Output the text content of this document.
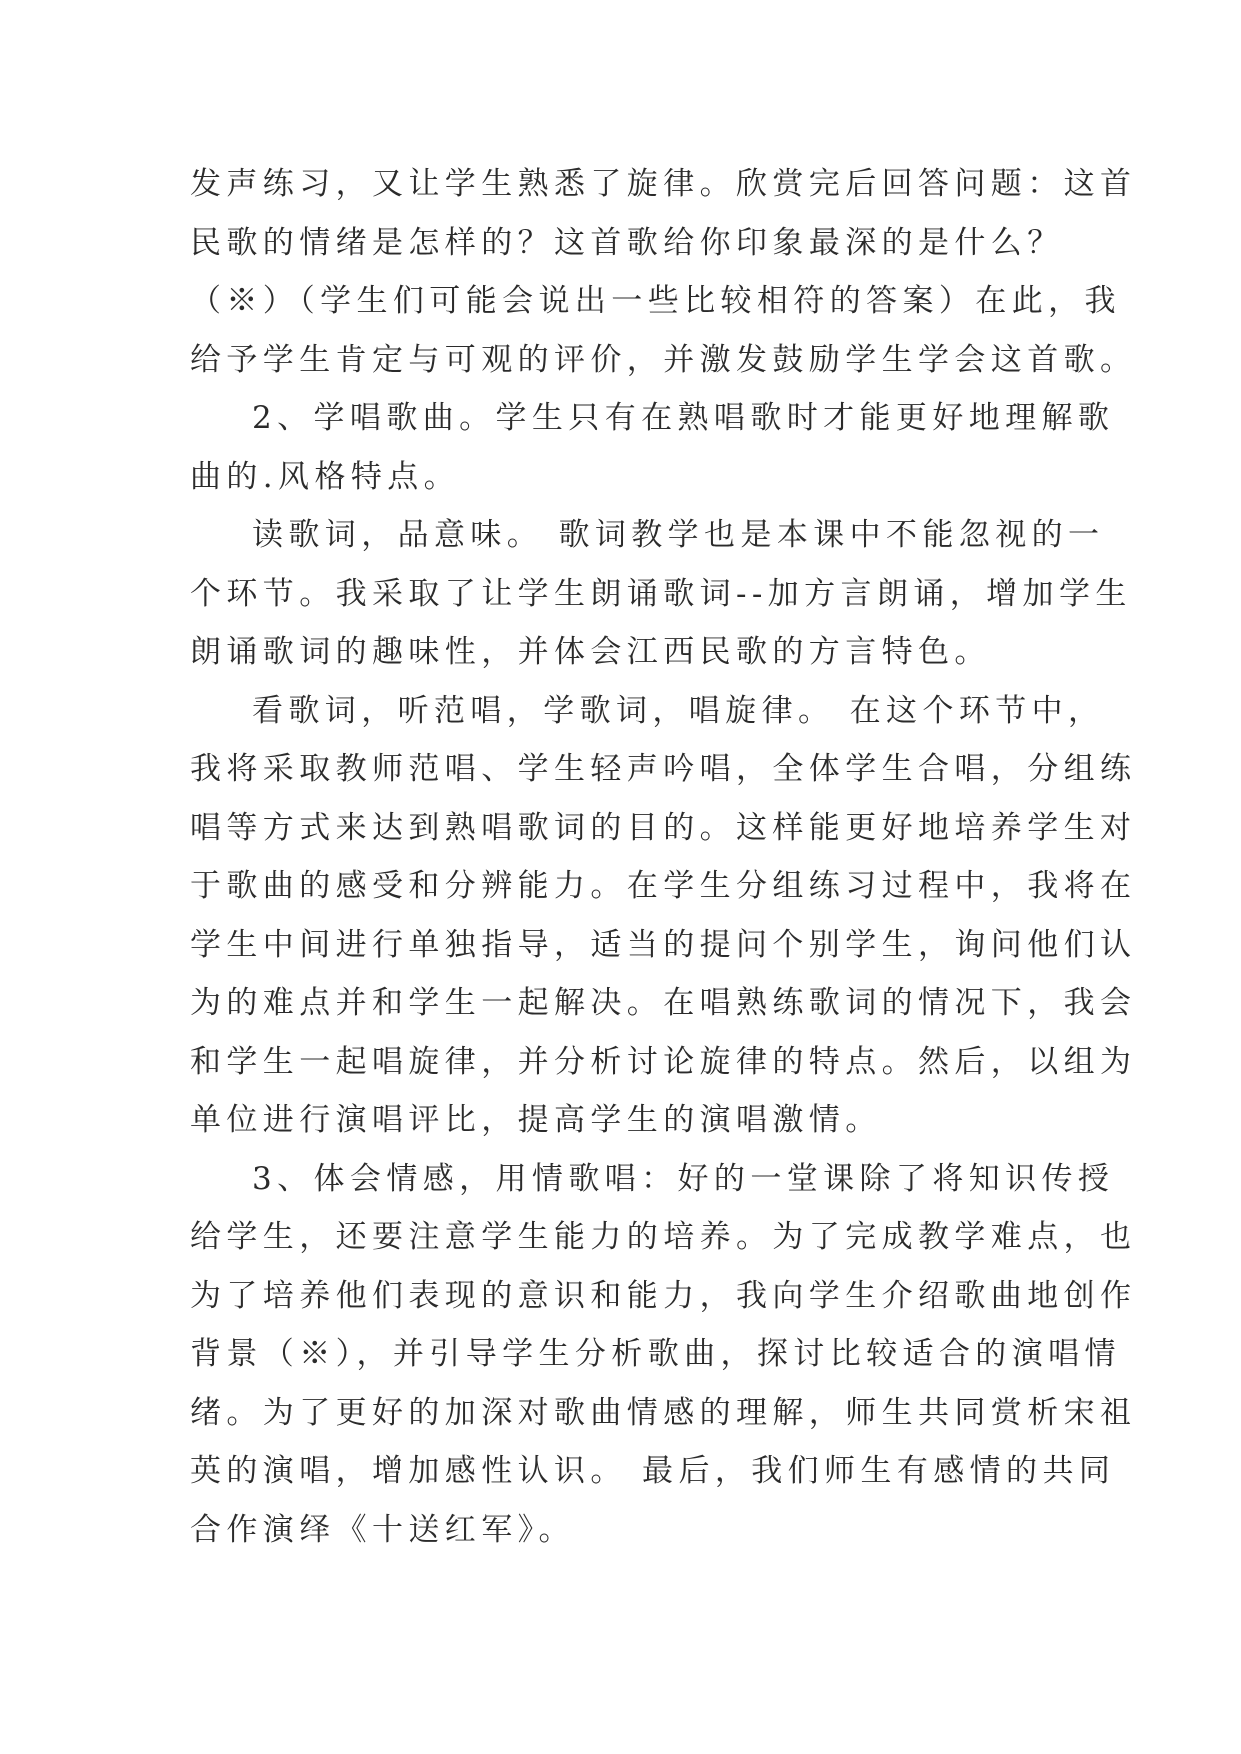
发声练习，又让学生熟悉了旋律。欣赏完后回答问题：这首
民歌的情绪是怎样的？这首歌给你印象最深的是什么？
（※）（学生们可能会说出一些比较相符的答案）在此，我
给予学生肯定与可观的评价，并激发鼓励学生学会这首歌。
2、学唱歌曲。学生只有在熟唱歌时才能更好地理解歌
曲的.风格特点。
读歌词，品意味。 歌词教学也是本课中不能忽视的一
个环节。我采取了让学生朗诵歌词--加方言朗诵，增加学生
朗诵歌词的趣味性，并体会江西民歌的方言特色。
看歌词，听范唱，学歌词，唱旋律。 在这个环节中，
我将采取教师范唱、学生轻声吟唱，全体学生合唱，分组练
唱等方式来达到熟唱歌词的目的。这样能更好地培养学生对
于歌曲的感受和分辨能力。在学生分组练习过程中，我将在
学生中间进行单独指导，适当的提问个别学生，询问他们认
为的难点并和学生一起解决。在唱熟练歌词的情况下，我会
和学生一起唱旋律，并分析讨论旋律的特点。然后，以组为
单位进行演唱评比，提高学生的演唱激情。
3、体会情感，用情歌唱：好的一堂课除了将知识传授
给学生，还要注意学生能力的培养。为了完成教学难点，也
为了培养他们表现的意识和能力，我向学生介绍歌曲地创作
背景（※），并引导学生分析歌曲，探讨比较适合的演唱情
绪。为了更好的加深对歌曲情感的理解，师生共同赏析宋祖
英的演唱，增加感性认识。 最后，我们师生有感情的共同
合作演绎《十送红军》。
